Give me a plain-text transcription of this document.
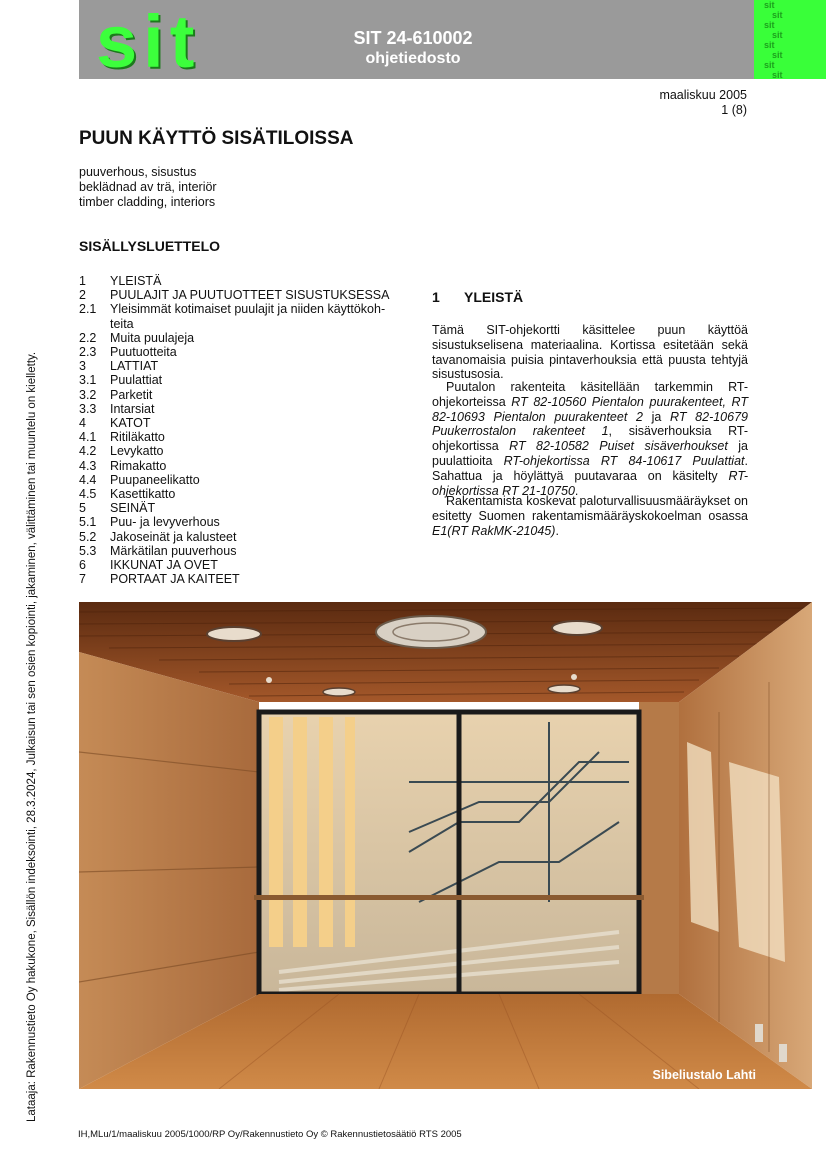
sit	SIT 24-610002
ohjetiedosto
sit
sit
sit
sit
sit
sit
sit
sit
maaliskuu 2005
1 (8)
PUUN KÄYTTÖ SISÄTILOISSA
puuverhous, sisustus
beklädnad av trä, interiör
timber cladding, interiors
SISÄLLYSLUETTELO
1	YLEISTÄ
2	PUULAJIT JA PUUTUOTTEET SISUSTUKSESSA
2.1	Yleisimmät kotimaiset puulajit ja niiden käyttökoh-teita
2.2	Muita puulajeja
2.3	Puutuotteita
3	LATTIAT
3.1	Puulattiat
3.2	Parketit
3.3	Intarsiat
4	KATOT
4.1	Ritiläkatto
4.2	Levykatto
4.3	Rimakatto
4.4	Puupaneelikatto
4.5	Kasettikatto
5	SEINÄT
5.1	Puu- ja levyverhous
5.2	Jakoseinät ja kalusteet
5.3	Märkätilan puuverhous
6	IKKUNAT JA OVET
7	PORTAAT JA KAITEET
1 YLEISTÄ
Tämä SIT-ohjekortti käsittelee puun käyttöä sisustukselisena materiaalina. Kortissa esitetään sekä tavanomaisia puisia pintaverhouksia että puusta tehtyjä sisustusosia.
Puutalon rakenteita käsitellään tarkemmin RT-ohjekorteissa RT 82-10560 Pientalon puurakenteet, RT 82-10693 Pientalon puurakenteet 2 ja RT 82-10679 Puukerrostalon rakenteet 1, sisäverhouksia RT-ohjekortissa RT 82-10582 Puiset sisäverhoukset ja puulattioita RT-ohjekortissa RT 84-10617 Puulattiat. Sahattua ja höylättyä puutavaraa on käsitelty RT-ohjekortissa RT 21-10750.
Rakentamista koskevat paloturvallisuusmääräykset on esitetty Suomen rakentamismääräyskokoelman osassa E1(RT RakMK-21045).
Sibeliustalo Lahti
Lataaja: Rakennustieto Oy hakukone, Sisällön indeksointi, 28.3.2024, Julkaisun tai sen osien kopiointi, jakaminen, välittäminen tai muuntelu on kielletty.
IH,MLu/1/maaliskuu 2005/1000/RP Oy/Rakennustieto Oy © Rakennustietosäätiö RTS 2005
